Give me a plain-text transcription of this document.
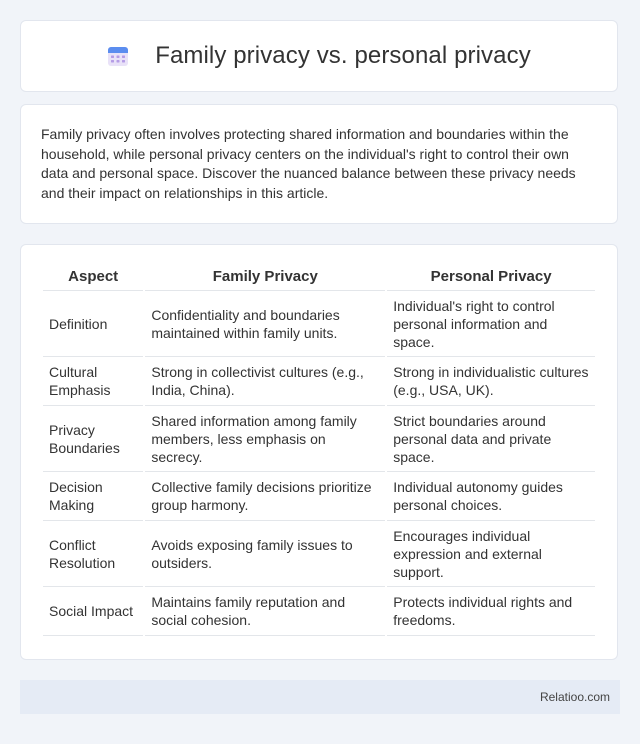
Family privacy vs. personal privacy

Family privacy often involves protecting shared information and boundaries within the household, while personal privacy centers on the individual's right to control their own data and personal space. Discover the nuanced balance between these privacy needs and their impact on relationships in this article.

Aspect	Family Privacy	Personal Privacy
Definition	Confidentiality and boundaries maintained within family units.	Individual's right to control personal information and space.
Cultural Emphasis	Strong in collectivist cultures (e.g., India, China).	Strong in individualistic cultures (e.g., USA, UK).
Privacy Boundaries	Shared information among family members, less emphasis on secrecy.	Strict boundaries around personal data and private space.
Decision Making	Collective family decisions prioritize group harmony.	Individual autonomy guides personal choices.
Conflict Resolution	Avoids exposing family issues to outsiders.	Encourages individual expression and external support.
Social Impact	Maintains family reputation and social cohesion.	Protects individual rights and freedoms.
Relatioo.com
